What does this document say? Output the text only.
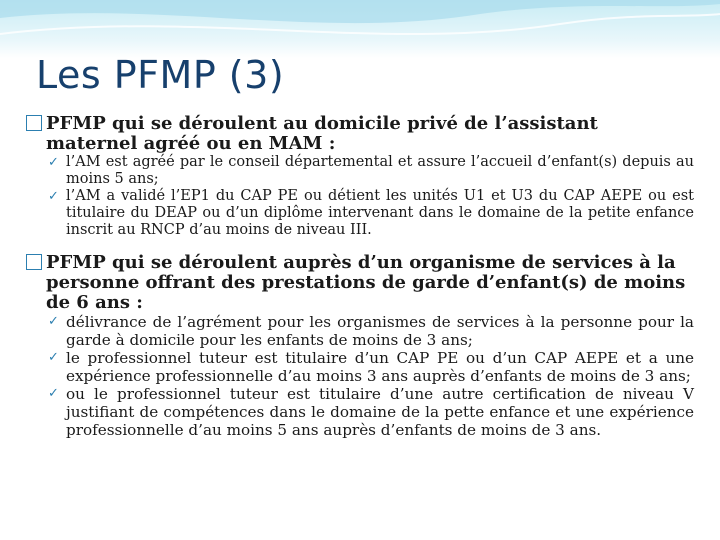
Les PFMP (3)
PFMP qui se déroulent au domicile privé de l’assistant maternel agréé ou en MAM :
✓ l’AM est agréé par le conseil départemental et assure l’accueil d’enfant(s) depuis au moins 5 ans;
✓ l’AM a validé l’EP1 du CAP PE ou détient les unités U1 et U3 du CAP AEPE ou est titulaire du DEAP ou d’un diplôme intervenant dans le domaine de la petite enfance inscrit au RNCP d’au moins de niveau III.
PFMP qui se déroulent auprès d’un organisme de services à la personne offrant des prestations de garde d’enfant(s) de moins de 6 ans :
✓ délivrance de l’agrément pour les organismes de services à la personne pour la garde à domicile pour les enfants de moins de 3 ans;
✓ le professionnel tuteur est titulaire d’un CAP PE ou d’un CAP AEPE et a une expérience professionnelle d’au moins 3 ans auprès d’enfants de moins de 3 ans;
✓ ou le professionnel tuteur est titulaire d’une autre certification de niveau V justifiant de compétences dans le domaine de la pette enfance et une expérience professionnelle d’au moins 5 ans auprès d’enfants de moins de 3 ans.
